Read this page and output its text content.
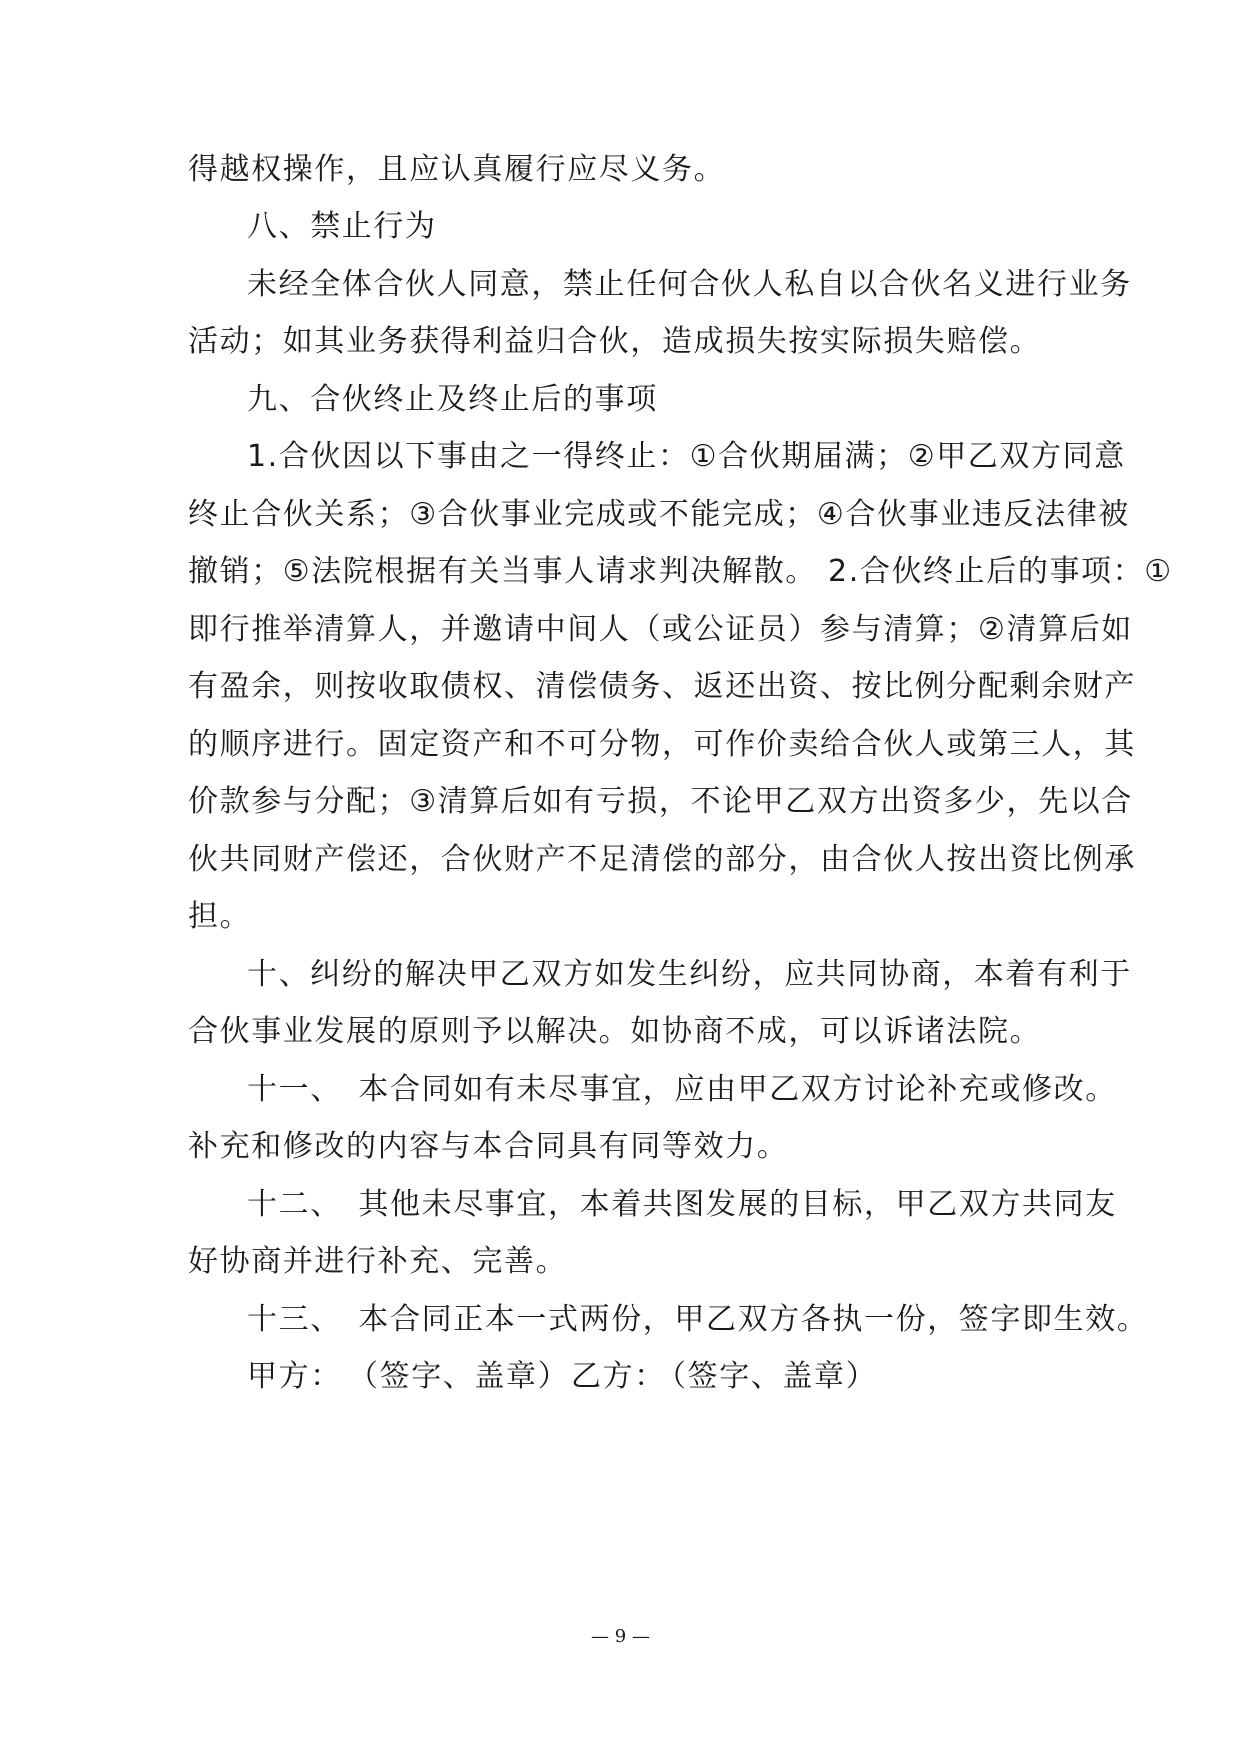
得越权操作，且应认真履行应尽义务。
八、禁止行为
未经全体合伙人同意，禁止任何合伙人私自以合伙名义进行业务
活动；如其业务获得利益归合伙，造成损失按实际损失赔偿。
九、合伙终止及终止后的事项
1.合伙因以下事由之一得终止：①合伙期届满；②甲乙双方同意
终止合伙关系；③合伙事业完成或不能完成；④合伙事业违反法律被
撤销；⑤法院根据有关当事人请求判决解散。 2.合伙终止后的事项：①
即行推举清算人，并邀请中间人（或公证员）参与清算；②清算后如
有盈余，则按收取债权、清偿债务、返还出资、按比例分配剩余财产
的顺序进行。固定资产和不可分物，可作价卖给合伙人或第三人，其
价款参与分配；③清算后如有亏损，不论甲乙双方出资多少，先以合
伙共同财产偿还，合伙财产不足清偿的部分，由合伙人按出资比例承
担。
十、纠纷的解决甲乙双方如发生纠纷，应共同协商，本着有利于
合伙事业发展的原则予以解决。如协商不成，可以诉诸法院。
十一、　本合同如有未尽事宜，应由甲乙双方讨论补充或修改。
补充和修改的内容与本合同具有同等效力。
十二、　其他未尽事宜，本着共图发展的目标，甲乙双方共同友
好协商并进行补充、完善。
十三、　本合同正本一式两份，甲乙双方各执一份，签字即生效。
甲方： （签字、盖章） 乙方：
（签字、盖章）
— 9 —
